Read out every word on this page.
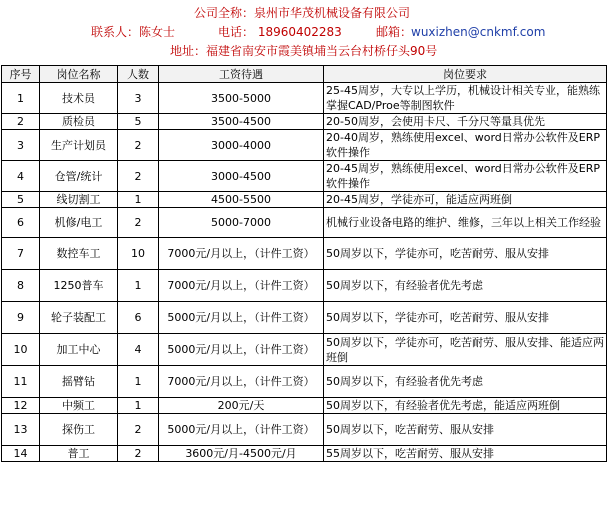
公司全称：泉州市华茂机械设备有限公司
联系人：陈女士	电话： 18960402283	邮箱：
wuxizhen@cnkmf.com
地址：福建省南安市霞美镇埔当云台村桥仔头90号
序号	岗位名称	人数	工资待遇	岗位要求
1	技术员	3	3500-5000	25-45周岁，大专以上学历，机械设计相关专业，能熟练掌握CAD/Proe等制图软件
2	质检员	5	3500-4500	20-50周岁，会使用卡尺、千分尺等量具优先
3	生产计划员	2	3000-4000	20-40周岁，熟练使用excel、word日常办公软件及ERP软件操作
4	仓管/统计	2	3000-4500	20-45周岁，熟练使用excel、word日常办公软件及ERP软件操作
5	线切割工	1	4500-5500	20-45周岁，学徒亦可，能适应两班倒
6	机修/电工	2	5000-7000	机械行业设备电路的维护、维修，三年以上相关工作经验
7	数控车工	10	7000元/月以上，（计件工资）	50周岁以下，学徒亦可，吃苦耐劳、服从安排
8	1250普车	1	7000元/月以上，（计件工资）	50周岁以下，有经验者优先考虑
9	轮子装配工	6	5000元/月以上，（计件工资）	50周岁以下，学徒亦可，吃苦耐劳、服从安排
10	加工中心	4	5000元/月以上，（计件工资）	50周岁以下，学徒亦可，吃苦耐劳、服从安排、能适应两班倒
11	摇臂钻	1	7000元/月以上，（计件工资）	50周岁以下，有经验者优先考虑
12	中频工	1	200元/天	50周岁以下，有经验者优先考虑，能适应两班倒
13	探伤工	2	5000元/月以上，（计件工资）	50周岁以下，吃苦耐劳、服从安排
14	普工	2	3600元/月-4500元/月	55周岁以下，吃苦耐劳、服从安排
